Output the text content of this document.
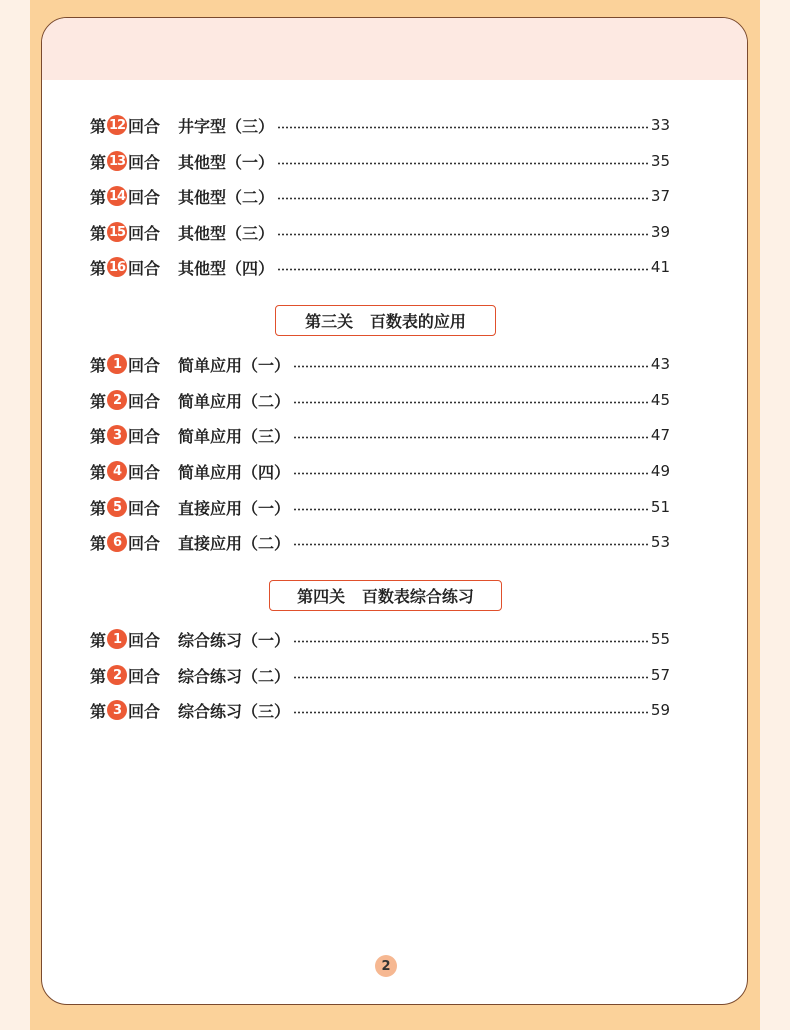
第 12 回合 井字型（三）	33
第 13 回合 其他型（一）	35
第 14 回合 其他型（二）	37
第 15 回合 其他型（三）	39
第 16 回合 其他型（四）	41
第 1 回合 简单应用（一）	43
第 2 回合 简单应用（二）	45
第 3 回合 简单应用（三）	47
第 4 回合 简单应用（四）	49
第 5 回合 直接应用（一）	51
第 6 回合 直接应用（二）	53
第 1 回合 综合练习（一）	55
第 2 回合 综合练习（二）	57
第 3 回合 综合练习（三）	59
第三关   百数表的应用
第四关   百数表综合练习
2
